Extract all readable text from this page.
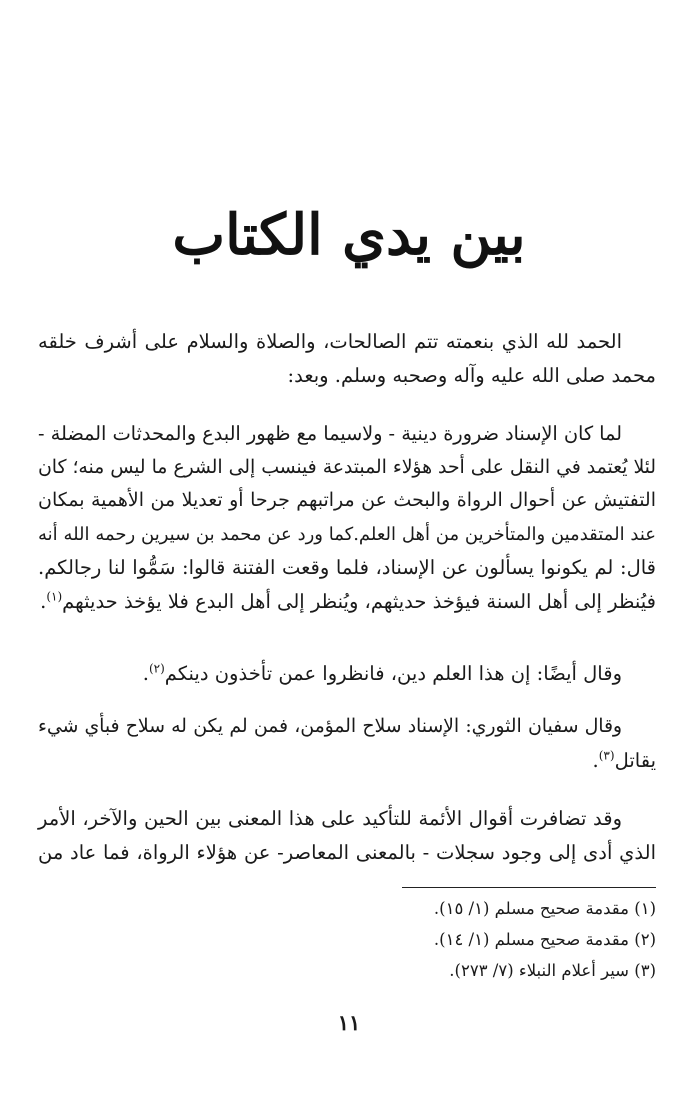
بين يدي الكتاب
الحمد لله الذي بنعمته تتم الصالحات، والصلاة والسلام على أشرف خلقه
محمد صلى الله عليه وآله وصحبه وسلم. وبعد:
لما كان الإسناد ضرورة دينية - ولاسيما مع ظهور البدع والمحدثات المضلة -
لئلا يُعتمد في النقل على أحد هؤلاء المبتدعة فينسب إلى الشرع ما ليس منه؛ كان
التفتيش عن أحوال الرواة والبحث عن مراتبهم جرحا أو تعديلا من الأهمية بمكان
عند المتقدمين والمتأخرين من أهل العلم.كما ورد عن محمد بن سيرين رحمه الله أنه
قال: لم يكونوا يسألون عن الإسناد، فلما وقعت الفتنة قالوا: سَمُّوا لنا رجالكم.
فيُنظر إلى أهل السنة فيؤخذ حديثهم، ويُنظر إلى أهل البدع فلا يؤخذ حديثهم$^{(١)}$.
وقال أيضًا: إن هذا العلم دين، فانظروا عمن تأخذون دينكم$^{(٢)}$.
وقال سفيان الثوري: الإسناد سلاح المؤمن، فمن لم يكن له سلاح فبأي شيء
يقاتل$^{(٣)}$.
وقد تضافرت أقوال الأئمة للتأكيد على هذا المعنى بين الحين والآخر، الأمر
الذي أدى إلى وجود سجلات - بالمعنى المعاصر- عن هؤلاء الرواة، فما عاد من
(١) مقدمة صحيح مسلم (١/ ١٥).
(٢) مقدمة صحيح مسلم (١/ ١٤).
(٣) سير أعلام النبلاء (٧/ ٢٧٣).
١١
